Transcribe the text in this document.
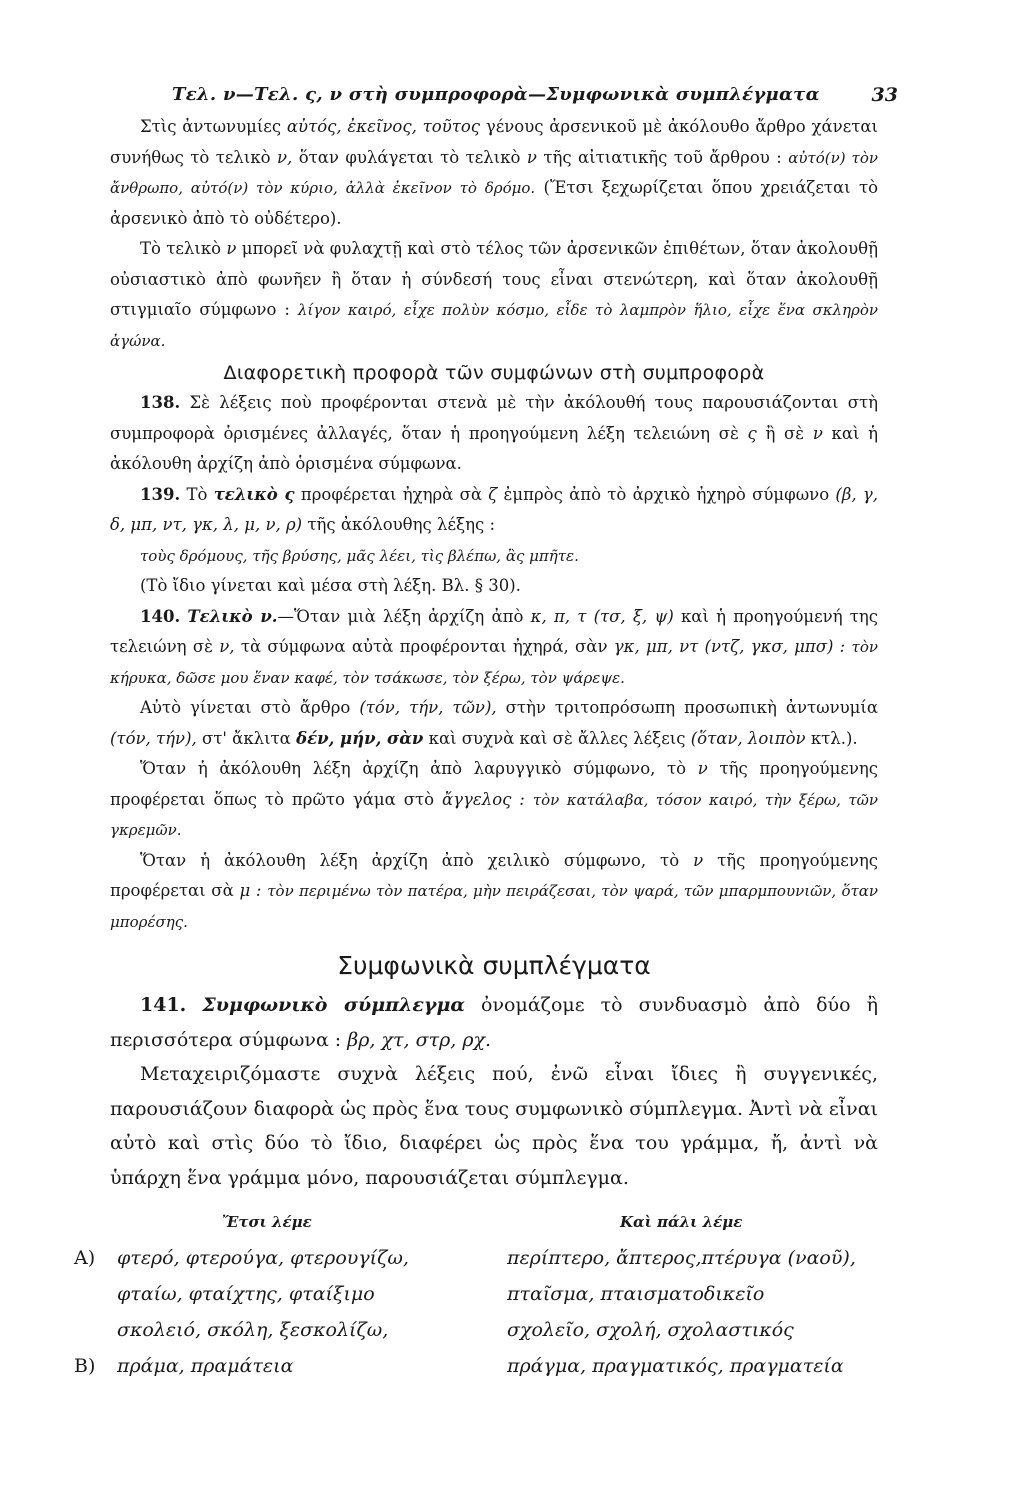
Τελ. ν—Τελ. ς, ν στὴ συμπροφορὰ—Συμφωνικὰ συμπλέγματα	33

Στὶς ἀντωνυμίες αὐτός, ἐκεῖνος, τοῦτος γένους ἀρσενικοῦ μὲ ἀκόλουθο ἄρθρο χάνεται συνήθως τὸ τελικὸ ν, ὅταν φυλάγεται τὸ τελικὸ ν τῆς αἰτιατικῆς τοῦ ἄρθρου : αὐτό(ν) τὸν ἄνθρωπο, αὐτό(ν) τὸν κύριο, ἀλλὰ ἐκεῖνον τὸ δρόμο. (Ἔτσι ξεχωρίζεται ὅπου χρειάζεται τὸ ἀρσενικὸ ἀπὸ τὸ οὐδέτερο).

Τὸ τελικὸ ν μπορεῖ νὰ φυλαχτῇ καὶ στὸ τέλος τῶν ἀρσενικῶν ἐπιθέτων, ὅταν ἀκολουθῇ οὐσιαστικὸ ἀπὸ φωνῆεν ἢ ὅταν ἡ σύνδεσή τους εἶναι στενώτερη, καὶ ὅταν ἀκολουθῇ στιγμιαῖο σύμφωνο : λίγον καιρό, εἶχε πολὺν κόσμο, εἶδε τὸ λαμπρὸν ἥλιο, εἶχε ἕνα σκληρὸν ἀγώνα.

Διαφορετικὴ προφορὰ τῶν συμφώνων στὴ συμπροφορὰ

138. Σὲ λέξεις ποὺ προφέρονται στενὰ μὲ τὴν ἀκόλουθή τους παρουσιάζονται στὴ συμπροφορὰ ὁρισμένες ἀλλαγές, ὅταν ἡ προηγούμενη λέξη τελειώνη σὲ ς ἢ σὲ ν καὶ ἡ ἀκόλουθη ἀρχίζη ἀπὸ ὁρισμένα σύμφωνα.

139. Τὸ τελικὸ ς προφέρεται ἠχηρὰ σὰ ζ ἐμπρὸς ἀπὸ τὸ ἀρχικὸ ἠχηρὸ σύμφωνο (β, γ, δ, μπ, ντ, γκ, λ, μ, ν, ρ) τῆς ἀκόλουθης λέξης :

τοὺς δρόμους, τῆς βρύσης, μᾶς λέει, τὶς βλέπω, ἂς μπῆτε.

(Τὸ ἴδιο γίνεται καὶ μέσα στὴ λέξη. Βλ. § 30).

140. Τελικὸ ν.—Ὅταν μιὰ λέξη ἀρχίζη ἀπὸ κ, π, τ (τσ, ξ, ψ) καὶ ἡ προηγούμενή της τελειώνη σὲ ν, τὰ σύμφωνα αὐτὰ προφέρονται ἠχηρά, σὰν γκ, μπ, ντ (ντζ, γκσ, μπσ) : τὸν κήρυκα, δῶσε μου ἕναν καφέ, τὸν τσάκωσε, τὸν ξέρω, τὸν ψάρεψε.

Αὐτὸ γίνεται στὸ ἄρθρο (τόν, τήν, τῶν), στὴν τριτοπρόσωπη προσωπικὴ ἀντωνυμία (τόν, τήν), στ' ἄκλιτα δέν, μήν, σὰν καὶ συχνὰ καὶ σὲ ἄλλες λέξεις (ὅταν, λοιπὸν κτλ.).

Ὅταν ἡ ἀκόλουθη λέξη ἀρχίζη ἀπὸ λαρυγγικὸ σύμφωνο, τὸ ν τῆς προηγούμενης προφέρεται ὅπως τὸ πρῶτο γάμα στὸ ἄγγελος : τὸν κατάλαβα, τόσον καιρό, τὴν ξέρω, τῶν γκρεμῶν.

Ὅταν ἡ ἀκόλουθη λέξη ἀρχίζη ἀπὸ χειλικὸ σύμφωνο, τὸ ν τῆς προηγούμενης προφέρεται σὰ μ : τὸν περιμένω τὸν πατέρα, μὴν πειράζεσαι, τὸν ψαρά, τῶν μπαρμπουνιῶν, ὅταν μπορέσης.

Συμφωνικὰ συμπλέγματα

141. Συμφωνικὸ σύμπλεγμα ὀνομάζομε τὸ συνδυασμὸ ἀπὸ δύο ἢ περισσότερα σύμφωνα : βρ, χτ, στρ, ρχ.

Μεταχειριζόμαστε συχνὰ λέξεις πού, ἐνῶ εἶναι ἴδιες ἢ συγγενικές, παρουσιάζουν διαφορὰ ὡς πρὸς ἕνα τους συμφωνικὸ σύμπλεγμα. Ἀντὶ νὰ εἶναι αὐτὸ καὶ στὶς δύο τὸ ἴδιο, διαφέρει ὡς πρὸς ἕνα του γράμμα, ἤ, ἀντὶ νὰ ὑπάρχη ἕνα γράμμα μόνο, παρουσιάζεται σύμπλεγμα.

Ἔτσι λέμε	Καὶ πάλι λέμε
A) φτερό, φτερούγα, φτερουγίζω,	περίπτερο, ἄπτερος,πτέρυγα (ναοῦ),
φταίω, φταίχτης, φταίξιμο	πταῖσμα, πταισματοδικεῖο
σκολειό, σκόλη, ξεσκολίζω,	σχολεῖο, σχολή, σχολαστικός
B) πράμα, πραμάτεια	πράγμα, πραγματικός, πραγματεία
